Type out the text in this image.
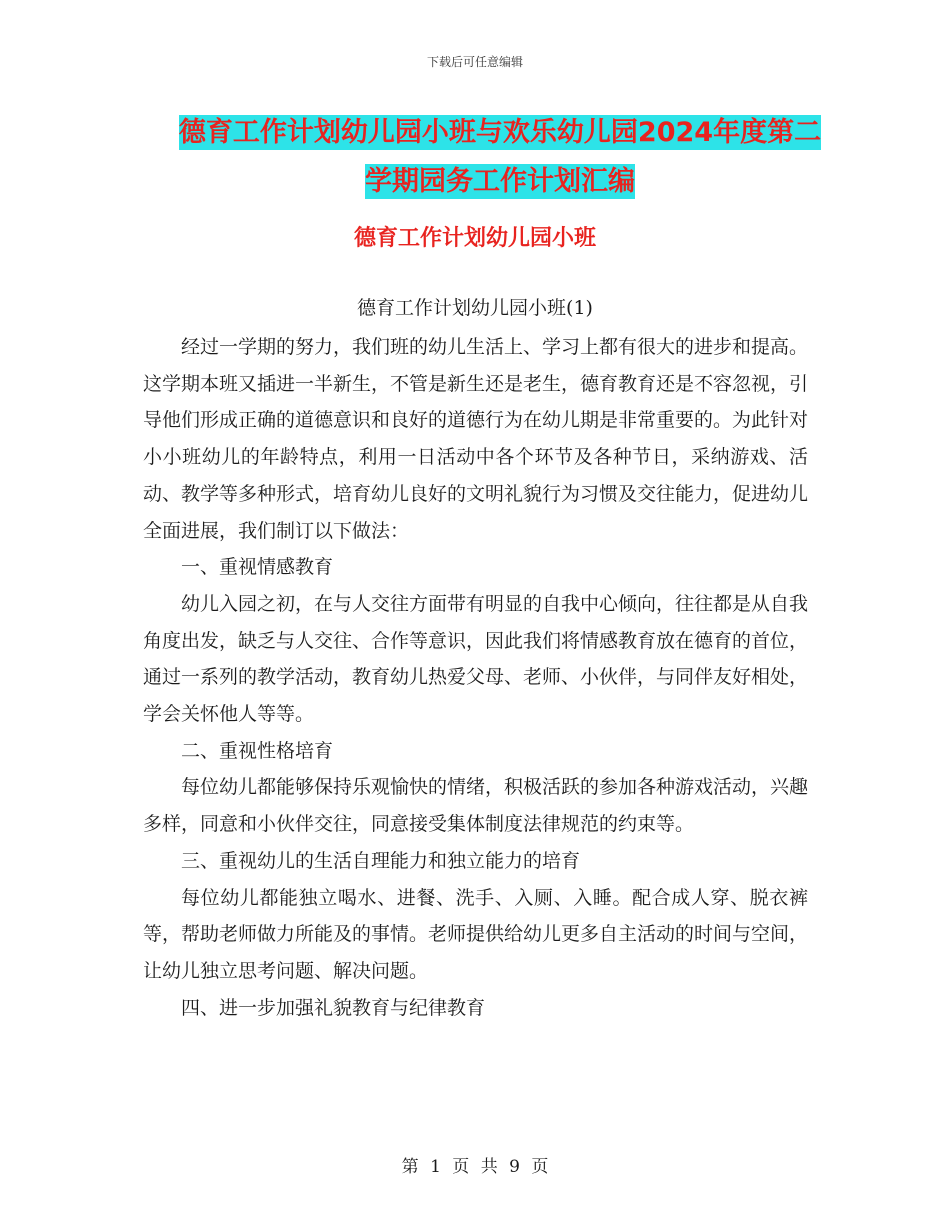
下载后可任意编辑
德育工作计划幼儿园小班与欢乐幼儿园2024年度第二
学期园务工作计划汇编
德育工作计划幼儿园小班
德育工作计划幼儿园小班(1)

经过一学期的努力，我们班的幼儿生活上、学习上都有很大的进步和提高。这学期本班又插进一半新生，不管是新生还是老生，德育教育还是不容忽视，引导他们形成正确的道德意识和良好的道德行为在幼儿期是非常重要的。为此针对小小班幼儿的年龄特点，利用一日活动中各个环节及各种节日，采纳游戏、活动、教学等多种形式，培育幼儿良好的文明礼貌行为习惯及交往能力，促进幼儿全面进展，我们制订以下做法：

一、重视情感教育

幼儿入园之初，在与人交往方面带有明显的自我中心倾向，往往都是从自我角度出发，缺乏与人交往、合作等意识，因此我们将情感教育放在德育的首位，通过一系列的教学活动，教育幼儿热爱父母、老师、小伙伴，与同伴友好相处，学会关怀他人等等。

二、重视性格培育

每位幼儿都能够保持乐观愉快的情绪，积极活跃的参加各种游戏活动，兴趣多样，同意和小伙伴交往，同意接受集体制度法律规范的约束等。

三、重视幼儿的生活自理能力和独立能力的培育

每位幼儿都能独立喝水、进餐、洗手、入厕、入睡。配合成人穿、脱衣裤等，帮助老师做力所能及的事情。老师提供给幼儿更多自主活动的时间与空间，让幼儿独立思考问题、解决问题。

四、进一步加强礼貌教育与纪律教育

第 1 页 共 9 页
